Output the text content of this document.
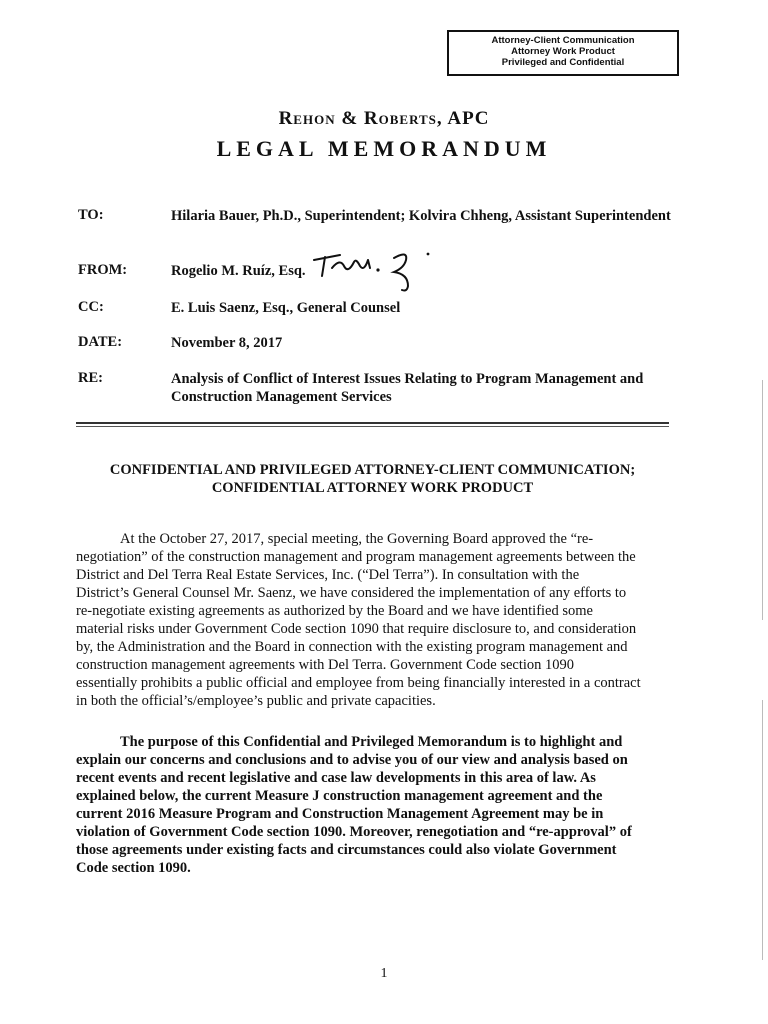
Attorney-Client Communication
Attorney Work Product
Privileged and Confidential
Rehon & Roberts, APC
LEGAL MEMORANDUM
TO:	Hilaria Bauer, Ph.D., Superintendent; Kolvira Chheng, Assistant Superintendent
FROM:	Rogelio M. Ruíz, Esq.
CC:	E. Luis Saenz, Esq., General Counsel
DATE:	November 8, 2017
RE:	Analysis of Conflict of Interest Issues Relating to Program Management and Construction Management Services
CONFIDENTIAL AND PRIVILEGED ATTORNEY-CLIENT COMMUNICATION;
CONFIDENTIAL ATTORNEY WORK PRODUCT
At the October 27, 2017, special meeting, the Governing Board approved the “re-
negotiation” of the construction management and program management agreements between the
District and Del Terra Real Estate Services, Inc. (“Del Terra”). In consultation with the
District’s General Counsel Mr. Saenz, we have considered the implementation of any efforts to
re-negotiate existing agreements as authorized by the Board and we have identified some
material risks under Government Code section 1090 that require disclosure to, and consideration
by, the Administration and the Board in connection with the existing program management and
construction management agreements with Del Terra. Government Code section 1090
essentially prohibits a public official and employee from being financially interested in a contract
in both the official’s/employee’s public and private capacities.
The purpose of this Confidential and Privileged Memorandum is to highlight and
explain our concerns and conclusions and to advise you of our view and analysis based on
recent events and recent legislative and case law developments in this area of law. As
explained below, the current Measure J construction management agreement and the
current 2016 Measure Program and Construction Management Agreement may be in
violation of Government Code section 1090. Moreover, renegotiation and “re-approval” of
those agreements under existing facts and circumstances could also violate Government
Code section 1090.
1
